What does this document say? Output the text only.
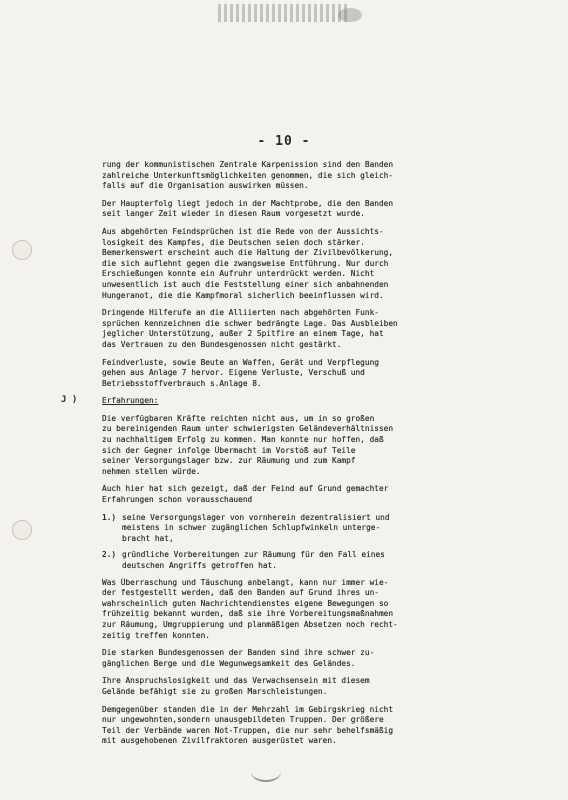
- 10 -
rung der kommunistischen Zentrale Karpenission sind den Banden
zahlreiche Unterkunftsmöglichkeiten genommen, die sich gleich-
falls auf die Organisation auswirken müssen.
Der Haupterfolg liegt jedoch in der Machtprobe, die den Banden
seit langer Zeit wieder in diesen Raum vorgesetzt wurde.
Aus abgehörten Feindsprüchen ist die Rede von der Aussichts-
losigkeit des Kampfes, die Deutschen seien doch stärker.
Bemerkenswert erscheint auch die Haltung der Zivilbevölkerung,
die sich auflehnt gegen die zwangsweise Entführung. Nur durch
Erschießungen konnte ein Aufruhr unterdrückt werden. Nicht
unwesentlich ist auch die Feststellung einer sich anbahnenden
Hungeranot, die die Kampfmoral sicherlich beeinflussen wird.
Dringende Hilferufe an die Alliierten nach abgehörten Funk-
sprüchen kennzeichnen die schwer bedrängte Lage. Das Ausbleiben
jeglicher Unterstützung, außer 2 Spitfire an einem Tage, hat
das Vertrauen zu den Bundesgenossen nicht gestärkt.
Feindverluste, sowie Beute an Waffen, Gerät und Verpflegung
gehen aus Anlage 7 hervor. Eigene Verluste, Verschuß und
Betriebsstoffverbrauch s.Anlage 8.
Erfahrungen:
Die verfügbaren Kräfte reichten nicht aus, um in so großen
zu bereinigenden Raum unter schwierigsten Geländeverhältnissen
zu nachhaltigem Erfolg zu kommen. Man konnte nur hoffen, daß
sich der Gegner infolge Übermacht im Vorstoß auf Teile
seiner Versorgungslager bzw. zur Räumung und zum Kampf
nehmen stellen würde.
Auch hier hat sich gezeigt, daß der Feind auf Grund gemachter
Erfahrungen schon vorausschauend
1.) seine Versorgungslager von vornherein dezentralisiert und
meistens in schwer zugänglichen Schlupfwinkeln untergе-
bracht hat,
2.) gründliche Vorbereitungen zur Räumung für den Fall eines
deutschen Angriffs getroffen hat.
Was Überraschung und Täuschung anbelangt, kann nur immer wie-
der festgestellt werden, daß den Banden auf Grund ihres un-
wahrscheinlich guten Nachrichtendienstes eigene Bewegungen so
frühzeitig bekannt wurden, daß sie ihre Vorbereitungsmaßnahmen
zur Räumung, Umgruppierung und planmäßigen Absetzen noch recht-
zeitig treffen konnten.
Die starken Bundesgenossen der Banden sind ihre schwer zu-
gänglichen Berge und die Wegunwegsamkeit des Geländes.
Ihre Anspruchslosigkeit und das Verwachsensein mit diesem
Gelände befähigt sie zu großen Marschleistungen.
Demgegenüber standen die in der Mehrzahl im Gebirgskrieg nicht
nur ungewohnten,sondern unausgebildeten Truppen. Der größere
Teil der Verbände waren Not-Truppen, die nur sehr behelfsmäßig
mit ausgehobenen Zivilfraktoren ausgerüstet waren.
J )
